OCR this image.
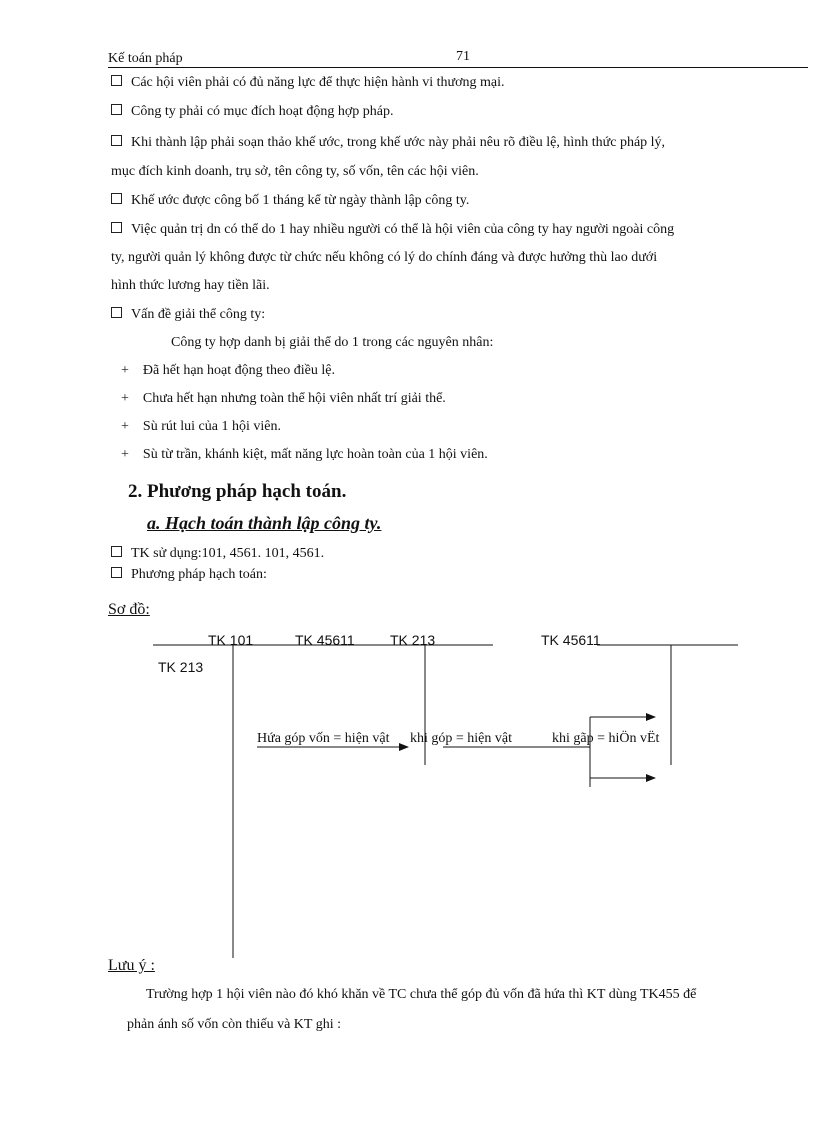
Kế toán pháp	71
Các hội viên phải có đủ năng lực để thực hiện hành vi thương mại.
Công ty phải có mục đích hoạt động hợp pháp.
Khi thành lập phải soạn thảo khế ước, trong khế ước này phải nêu rõ điều lệ, hình thức pháp lý,
mục đích kinh doanh, trụ sở, tên công ty, số vốn, tên các hội viên.
Khế ước được công bố 1 tháng kể từ ngày thành lập công ty.
Việc quản trị dn có thể do 1 hay nhiều người có thể là hội viên của công ty hay người ngoài công
ty, người quản lý không được từ chức nếu không có lý do chính đáng và được hưởng thù lao dưới
hình thức lương hay tiền lãi.
Vấn đề giải thể công ty:
Công ty hợp danh bị giải thể do 1 trong các nguyên nhân:
+ Đã hết hạn hoạt động theo điều lệ.
+ Chưa hết hạn nhưng toàn thể hội viên nhất trí giải thể.
+ Sù rút lui của 1 hội viên.
+ Sù từ trần, khánh kiệt, mất năng lực hoàn toàn của 1 hội viên.
2. Phương pháp hạch toán.
a. Hạch toán thành lập công ty.
TK sử dụng:101, 4561. 101, 4561.
Phương pháp hạch toán:
Sơ đồ:
TK 101	TK 45611	TK 213	TK 45611
TK 213
Hứa góp vốn = hiện vật khi góp = hiện vật	khi gãp = hiÖn vËt
Lưu ý :
Trường hợp 1 hội viên nào đó khó khăn về TC chưa thể góp đủ vốn đã hứa thì KT dùng TK455 để
phản ánh số vốn còn thiếu và KT ghi :
